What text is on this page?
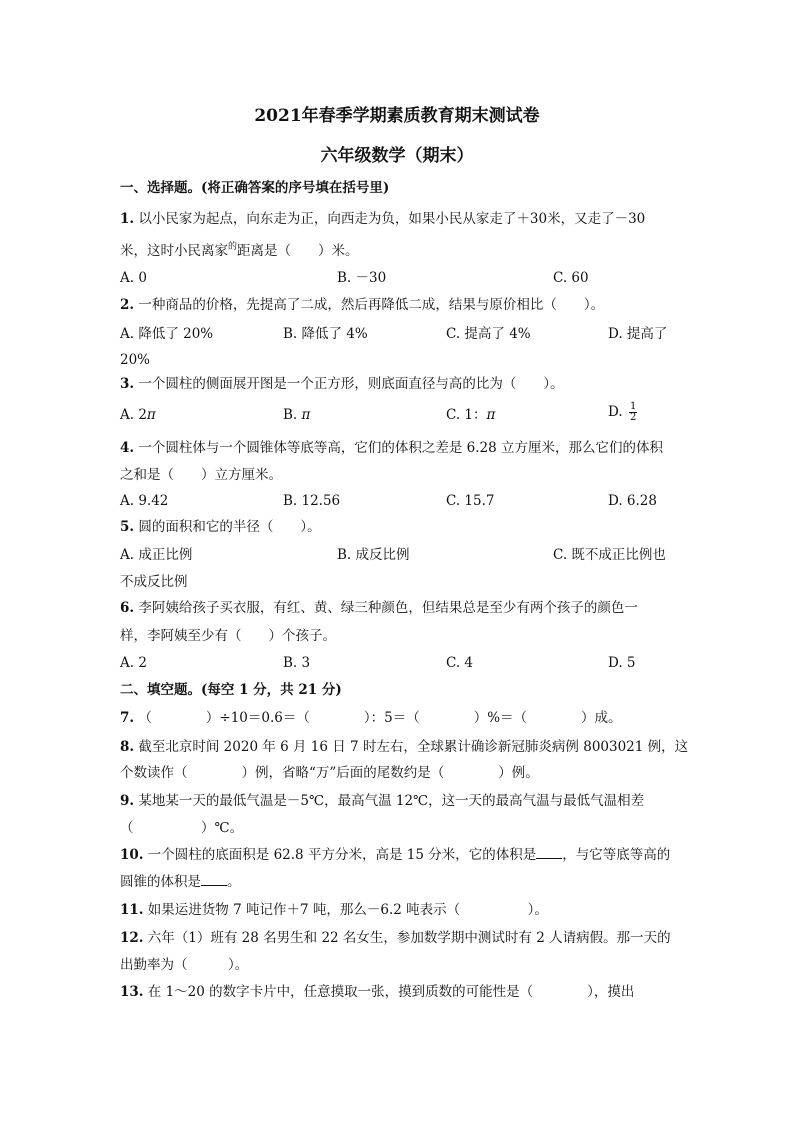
2021年春季学期素质教育期末测试卷
六年级数学（期末）
一、选择题。(将正确答案的序号填在括号里)
1. 以小民家为起点，向东走为正，向西走为负，如果小民从家走了＋30米，又走了－30
米，这时小民离家$^的$距离是（　　）米。
A. 0	B. －30	C. 60
2. 一种商品的价格，先提高了二成，然后再降低二成，结果与原价相比（　　）。
A. 降低了 20%	B. 降低了 4%	C. 提高了 4%	D. 提高了
20%
3. 一个圆柱的侧面展开图是一个正方形，则底面直径与高的比为（　　）。
A. 2π	B. π	C. 1：π	D. $\frac{1}{2}$
4. 一个圆柱体与一个圆锥体等底等高，它们的体积之差是 6.28 立方厘米，那么它们的体积
之和是（　　）立方厘米。
A. 9.42	B. 12.56	C. 15.7	D. 6.28
5. 圆的面积和它的半径（　　）。
A. 成正比例	B. 成反比例	C. 既不成正比例也
不成反比例
6. 李阿姨给孩子买衣服，有红、黄、绿三种颜色，但结果总是至少有两个孩子的颜色一
样，李阿姨至少有（　　）个孩子。
A. 2	B. 3	C. 4	D. 5
二、填空题。(每空 1 分，共 21 分)
7. （　　　　）÷10＝0.6＝（　　　　）：5＝（　　　　）%＝（　　　　）成。
8. 截至北京时间 2020 年 6 月 16 日 7 时左右，全球累计确诊新冠肺炎病例 8003021 例，这
个数读作（　　　　）例，省略“万”后面的尾数约是（　　　　）例。
9. 某地某一天的最低气温是－5℃，最高气温 12℃，这一天的最高气温与最低气温相差
（　　　　　）℃。
10. 一个圆柱的底面积是 62.8 平方分米，高是 15 分米，它的体积是 ，与它等底等高的
圆锥的体积是 。
11. 如果运进货物 7 吨记作＋7 吨，那么－6.2 吨表示（　　　　　）。
12. 六年（1）班有 28 名男生和 22 名女生，参加数学期中测试时有 2 人请病假。那一天的
出勤率为（　　　）。
13. 在 1～20 的数字卡片中，任意摸取一张，摸到质数的可能性是（　　　　），摸出
